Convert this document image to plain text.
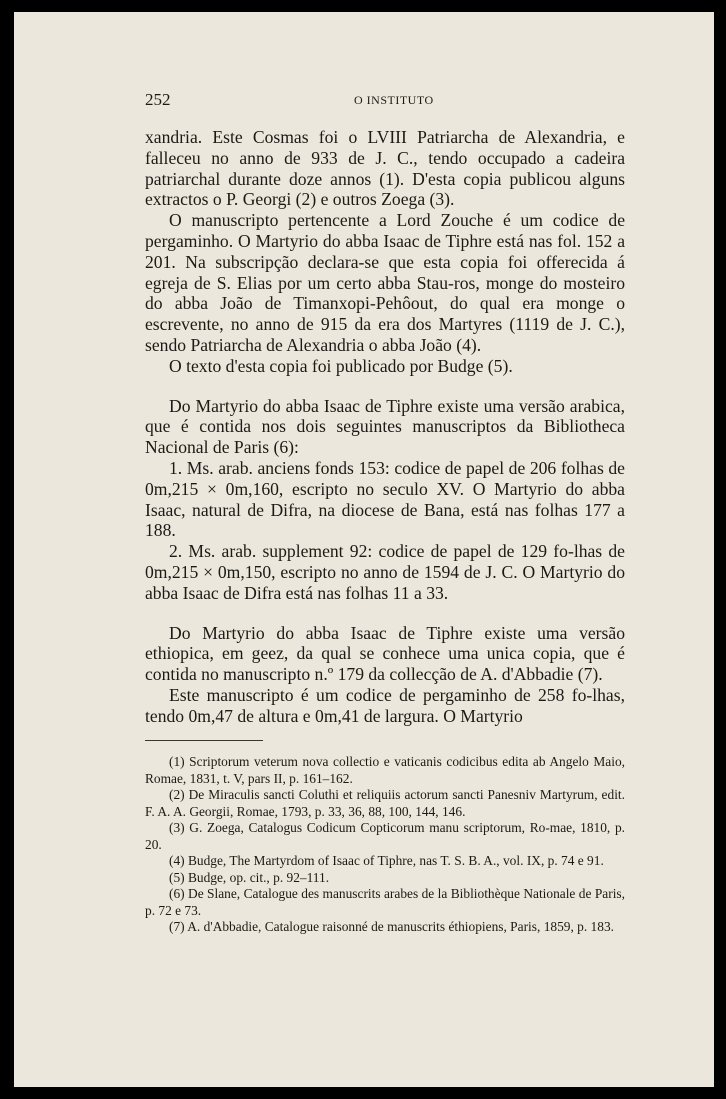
252	O INSTITUTO

xandria. Este Cosmas foi o LVIII Patriarcha de Alexandria, e falleceu no anno de 933 de J. C., tendo occupado a cadeira patriarchal durante doze annos (1). D'esta copia publicou alguns extractos o P. Georgi (2) e outros Zoega (3).

O manuscripto pertencente a Lord Zouche é um codice de pergaminho. O Martyrio do abba Isaac de Tiphre está nas fol. 152 a 201. Na subscripção declara-se que esta copia foi offerecida á egreja de S. Elias por um certo abba Stau-ros, monge do mosteiro do abba João de Timanxopi-Pehôout, do qual era monge o escrevente, no anno de 915 da era dos Martyres (1119 de J. C.), sendo Patriarcha de Alexandria o abba João (4).

O texto d'esta copia foi publicado por Budge (5).

Do Martyrio do abba Isaac de Tiphre existe uma versão arabica, que é contida nos dois seguintes manuscriptos da Bibliotheca Nacional de Paris (6):

1. Ms. arab. anciens fonds 153: codice de papel de 206 folhas de 0m,215 × 0m,160, escripto no seculo XV. O Martyrio do abba Isaac, natural de Difra, na diocese de Bana, está nas folhas 177 a 188.

2. Ms. arab. supplement 92: codice de papel de 129 fo-lhas de 0m,215 × 0m,150, escripto no anno de 1594 de J. C. O Martyrio do abba Isaac de Difra está nas folhas 11 a 33.

Do Martyrio do abba Isaac de Tiphre existe uma versão ethiopica, em geez, da qual se conhece uma unica copia, que é contida no manuscripto n.º 179 da collecção de A. d'Abbadie (7).

Este manuscripto é um codice de pergaminho de 258 fo-lhas, tendo 0m,47 de altura e 0m,41 de largura. O Martyrio

(1) Scriptorum veterum nova collectio e vaticanis codicibus edita ab Angelo Maio, Romae, 1831, t. V, pars II, p. 161–162.

(2) De Miraculis sancti Coluthi et reliquiis actorum sancti Panesniv Martyrum, edit. F. A. A. Georgii, Romae, 1793, p. 33, 36, 88, 100, 144, 146.

(3) G. Zoega, Catalogus Codicum Copticorum manu scriptorum, Ro-mae, 1810, p. 20.

(4) Budge, The Martyrdom of Isaac of Tiphre, nas T. S. B. A., vol. IX, p. 74 e 91.

(5) Budge, op. cit., p. 92–111.

(6) De Slane, Catalogue des manuscrits arabes de la Bibliothèque Nationale de Paris, p. 72 e 73.

(7) A. d'Abbadie, Catalogue raisonné de manuscrits éthiopiens, Paris, 1859, p. 183.
